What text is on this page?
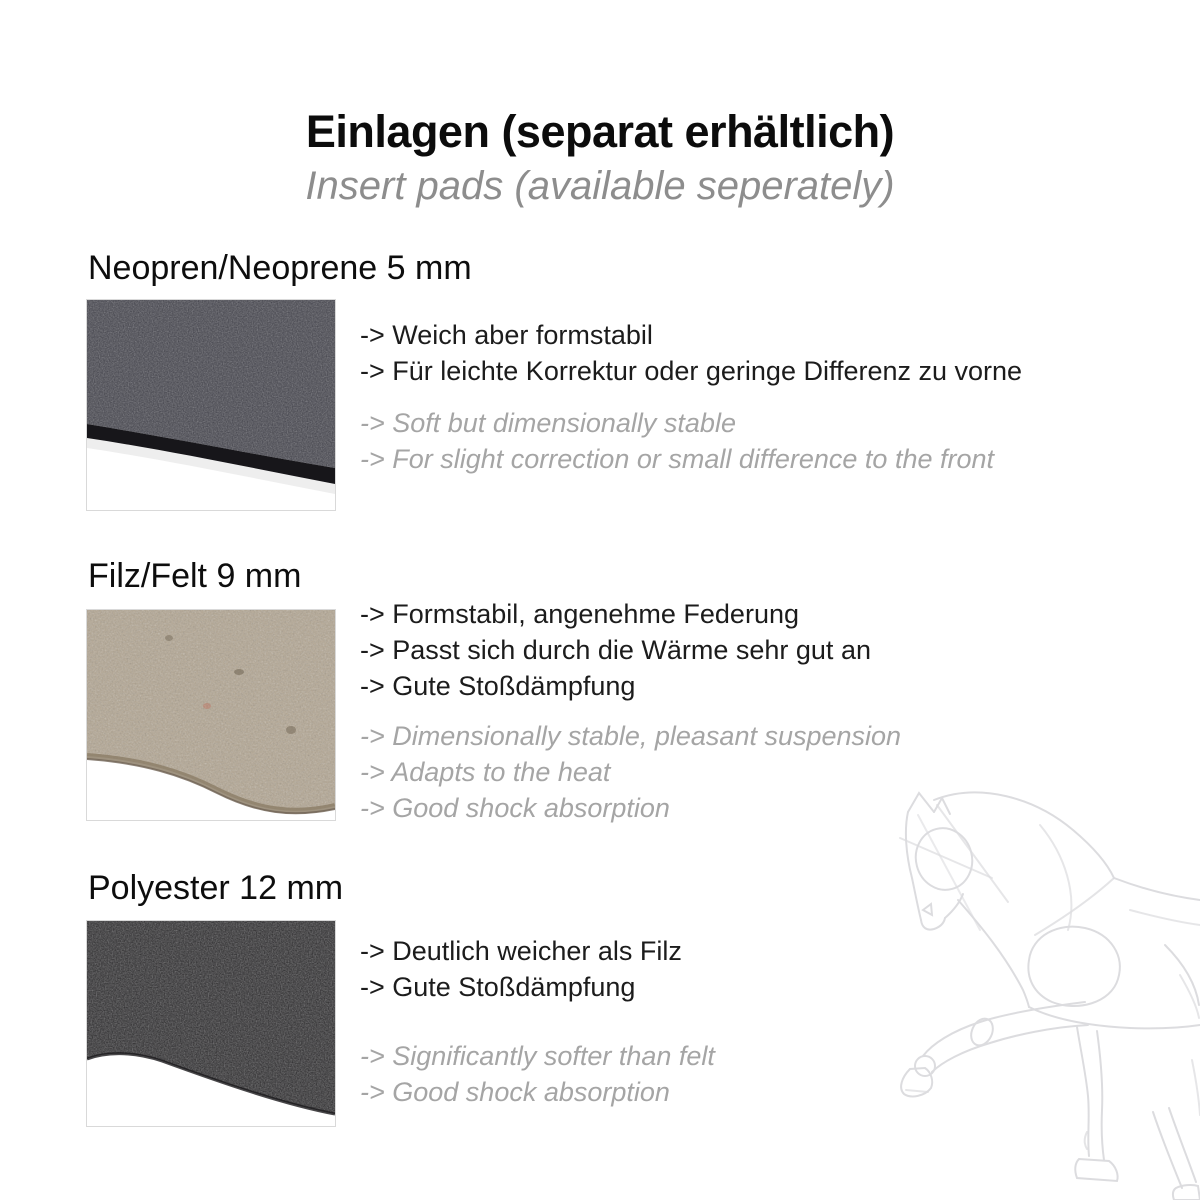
Einlagen (separat erhältlich)
Insert pads (available seperately)
Neopren/Neoprene 5 mm

-> Weich aber formstabil

-> Für leichte Korrektur oder geringe Differenz zu vorne

-> Soft but dimensionally stable

-> For slight correction or small difference to the front

Filz/Felt 9 mm

-> Formstabil, angenehme Federung

-> Passt sich durch die Wärme sehr gut an

-> Gute Stoßdämpfung

-> Dimensionally stable, pleasant suspension

-> Adapts to the heat

-> Good shock absorption

Polyester 12 mm

-> Deutlich weicher als Filz

-> Gute Stoßdämpfung

-> Significantly softer than felt

-> Good shock absorption
